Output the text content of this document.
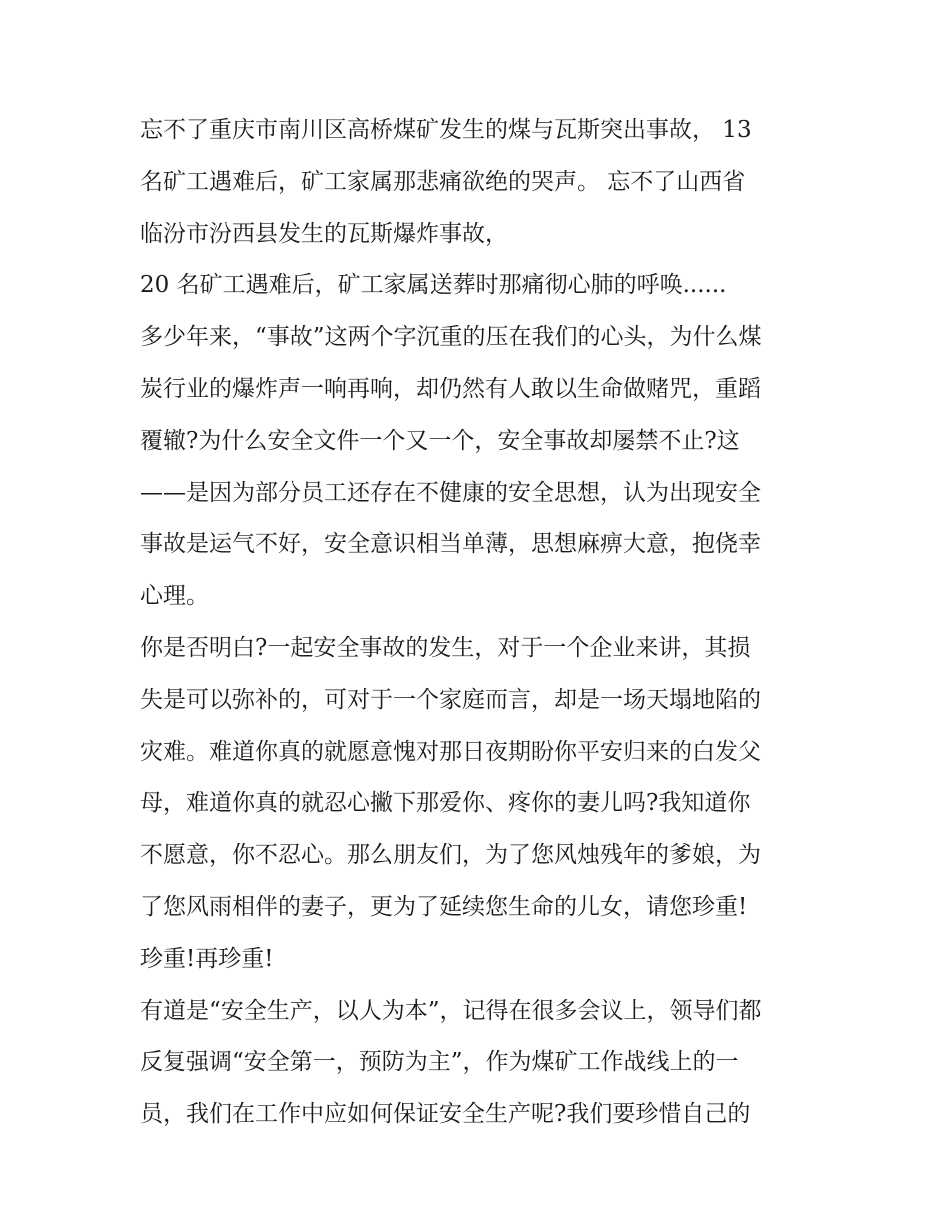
忘不了重庆市南川区高桥煤矿发生的煤与瓦斯突出事故， 13
名矿工遇难后，矿工家属那悲痛欲绝的哭声。 忘不了山西省
临汾市汾西县发生的瓦斯爆炸事故，
20 名矿工遇难后，矿工家属送葬时那痛彻心肺的呼唤......
多少年来，“事故”这两个字沉重的压在我们的心头，为什么煤
炭行业的爆炸声一响再响，却仍然有人敢以生命做赌咒，重蹈
覆辙?为什么安全文件一个又一个，安全事故却屡禁不止?这
——是因为部分员工还存在不健康的安全思想，认为出现安全
事故是运气不好，安全意识相当单薄，思想麻痹大意，抱侥幸
心理。
你是否明白?一起安全事故的发生，对于一个企业来讲，其损
失是可以弥补的，可对于一个家庭而言，却是一场天塌地陷的
灾难。难道你真的就愿意愧对那日夜期盼你平安归来的白发父
母，难道你真的就忍心撇下那爱你、疼你的妻儿吗?我知道你
不愿意，你不忍心。那么朋友们，为了您风烛残年的爹娘，为
了您风雨相伴的妻子，更为了延续您生命的儿女，请您珍重!
珍重!再珍重!
有道是“安全生产，以人为本”，记得在很多会议上，领导们都
反复强调“安全第一，预防为主”，作为煤矿工作战线上的一
员，我们在工作中应如何保证安全生产呢?我们要珍惜自己的
